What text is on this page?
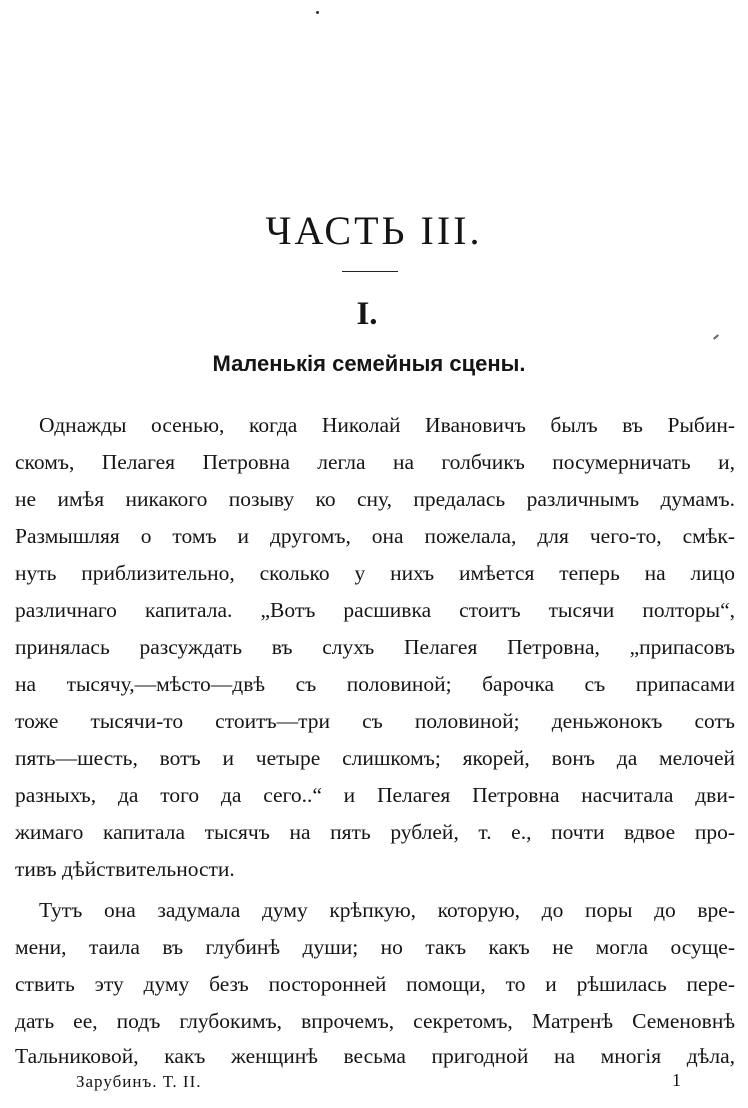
ЧАСТЬ III.
I.
Маленькія семейныя сцены.
Однажды осенью, когда Николай Ивановичъ былъ въ Рыбин-
скомъ, Пелагея Петровна легла на голбчикъ посумерничать и,
не имѣя никакого позыву ко сну, предалась различнымъ думамъ.
Размышляя о томъ и другомъ, она пожелала, для чего-то, смѣк-
нуть приблизительно, сколько у нихъ имѣется теперь на лицо
различнаго капитала. „Вотъ расшивка стоитъ тысячи полторы“,
принялась разсуждать въ слухъ Пелагея Петровна, „припасовъ
на тысячу,—мѣсто—двѣ съ половиной; барочка съ припасами
тоже тысячи-то стоитъ—три съ половиной; деньжонокъ сотъ
пять—шесть, вотъ и четыре слишкомъ; якорей, вонъ да мелочей
разныхъ, да того да сего..“ и Пелагея Петровна насчитала дви-
жимаго капитала тысячъ на пять рублей, т. е., почти вдвое про-
тивъ дѣйствительности.
Тутъ она задумала думу крѣпкую, которую, до поры до вре-
мени, таила въ глубинѣ души; но такъ какъ не могла осуще-
ствить эту думу безъ посторонней помощи, то и рѣшилась пере-
дать ее, подъ глубокимъ, впрочемъ, секретомъ, Матренѣ Семеновнѣ
Тальниковой, какъ женщинѣ весьма пригодной на многія дѣла,
Зарубинъ. Т. II.	1
